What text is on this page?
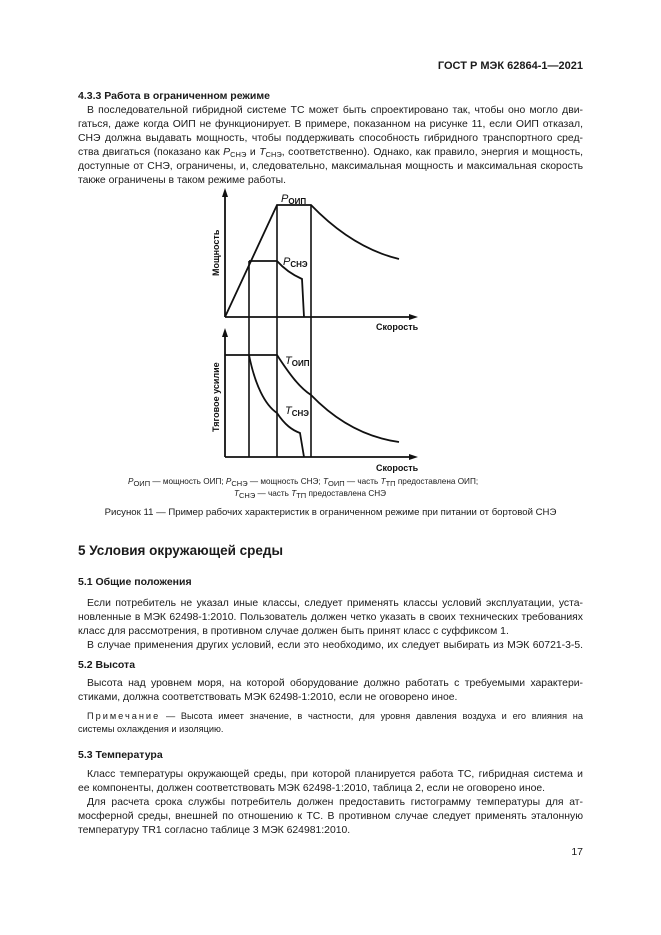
ГОСТ Р МЭК 62864-1—2021
4.3.3 Работа в ограниченном режиме
В последовательной гибридной системе ТС может быть спроектировано так, чтобы оно могло дви-
гаться, даже когда ОИП не функционирует. В примере, показанном на рисунке 11, если ОИП отказал,
СНЭ должна выдавать мощность, чтобы поддерживать способность гибридного транспортного сред-
ства двигаться (показано как $P_{СНЭ}$ и $T_{СНЭ}$, соответственно). Однако, как правило, энергия и мощность,
доступные от СНЭ, ограничены, и, следовательно, максимальная мощность и максимальная скорость
также ограничены в таком режиме работы.
Мощность
Тяговое усилие
Скорость
Скорость
PОИП
PСНЭ
TОИП
TСНЭ
$P_{ОИП}$ — мощность ОИП; $P_{СНЭ}$ — мощность СНЭ; $T_{ОИП}$ — часть $T_{ТП}$ предоставлена ОИП;
$T_{СНЭ}$ — часть $T_{ТП}$ предоставлена СНЭ
Рисунок 11 — Пример рабочих характеристик в ограниченном режиме при питании от бортовой СНЭ
5 Условия окружающей среды
5.1 Общие положения
Если потребитель не указал иные классы, следует применять классы условий эксплуатации, уста-
новленные в МЭК 62498-1:2010. Пользователь должен четко указать в своих технических требованиях
класс для рассмотрения, в противном случае должен быть принят класс с суффиксом 1.
В случае применения других условий, если это необходимо, их следует выбирать из МЭК 60721-3-5.
5.2 Высота
Высота над уровнем моря, на которой оборудование должно работать с требуемыми характери-
стиками, должна соответствовать МЭК 62498-1:2010, если не оговорено иное.
Примечание — Высота имеет значение, в частности, для уровня давления воздуха и его влияния на
системы охлаждения и изоляцию.
5.3 Температура
Класс температуры окружающей среды, при которой планируется работа ТС, гибридная система и
ее компоненты, должен соответствовать МЭК 62498-1:2010, таблица 2, если не оговорено иное.
Для расчета срока службы потребитель должен предоставить гистограмму температуры для ат-
мосферной среды, внешней по отношению к ТС. В противном случае следует применять эталонную
температуру TR1 согласно таблице 3 МЭК 624981:2010.
17
